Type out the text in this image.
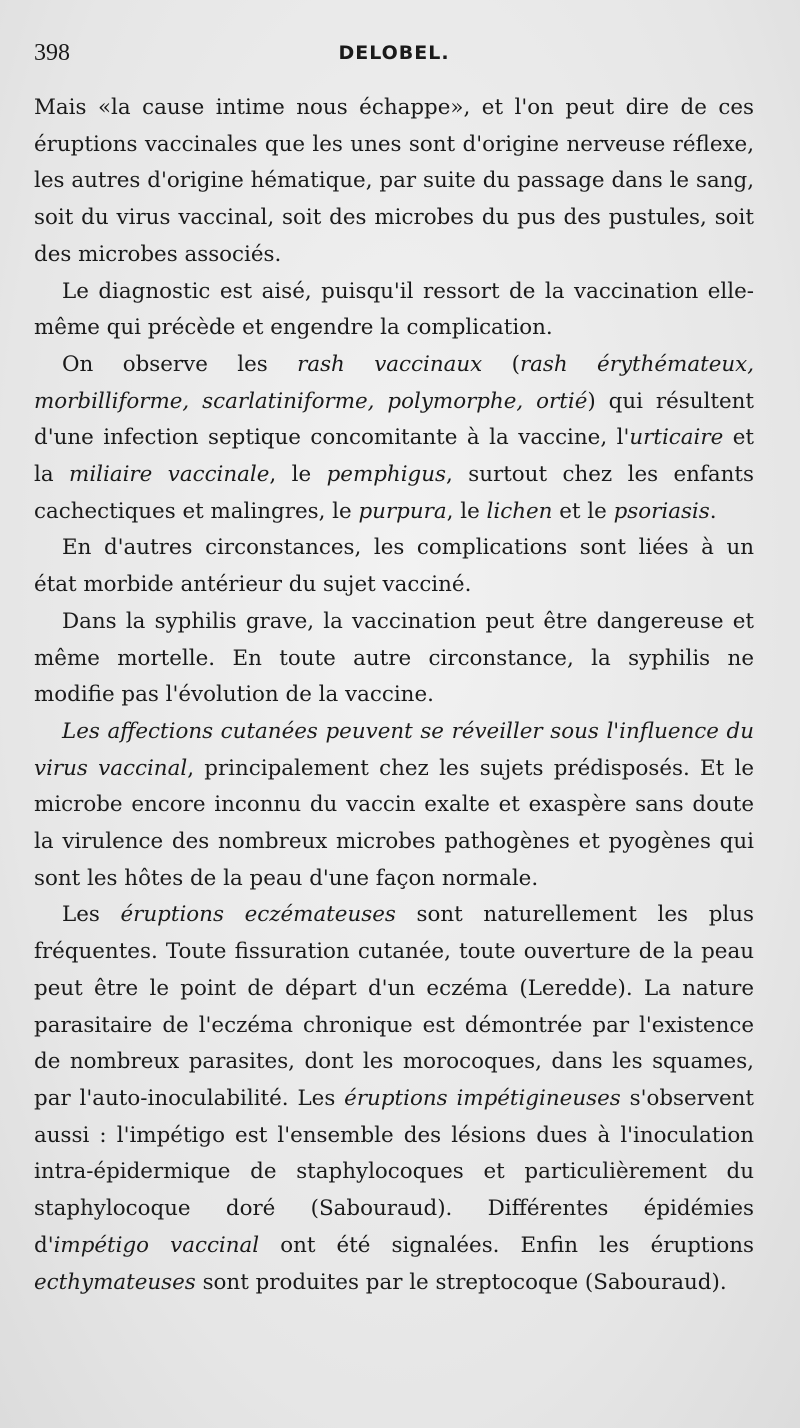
398	DELOBEL.

Mais «la cause intime nous échappe», et l'on peut dire de ces éruptions vaccinales que les unes sont d'origine nerveuse réflexe, les autres d'origine hématique, par suite du passage dans le sang, soit du virus vaccinal, soit des microbes du pus des pustules, soit des microbes associés.

Le diagnostic est aisé, puisqu'il ressort de la vaccination elle-même qui précède et engendre la complication.

On observe les rash vaccinaux (rash érythémateux, morbilliforme, scarlatiniforme, polymorphe, ortié) qui résultent d'une infection septique concomitante à la vaccine, l'urticaire et la miliaire vaccinale, le pemphigus, surtout chez les enfants cachectiques et malingres, le purpura, le lichen et le psoriasis.

En d'autres circonstances, les complications sont liées à un état morbide antérieur du sujet vacciné.

Dans la syphilis grave, la vaccination peut être dangereuse et même mortelle. En toute autre circonstance, la syphilis ne modifie pas l'évolution de la vaccine.

Les affections cutanées peuvent se réveiller sous l'influence du virus vaccinal, principalement chez les sujets prédisposés. Et le microbe encore inconnu du vaccin exalte et exaspère sans doute la virulence des nombreux microbes pathogènes et pyogènes qui sont les hôtes de la peau d'une façon normale.

Les éruptions eczémateuses sont naturellement les plus fréquentes. Toute fissuration cutanée, toute ouverture de la peau peut être le point de départ d'un eczéma (Leredde). La nature parasitaire de l'eczéma chronique est démontrée par l'existence de nombreux parasites, dont les morocoques, dans les squames, par l'auto-inoculabilité. Les éruptions impétigineuses s'observent aussi : l'impétigo est l'ensemble des lésions dues à l'inoculation intra-épidermique de staphylocoques et particulièrement du staphylocoque doré (Sabouraud). Différentes épidémies d'impétigo vaccinal ont été signalées. Enfin les éruptions ecthymateuses sont produites par le streptocoque (Sabouraud).
